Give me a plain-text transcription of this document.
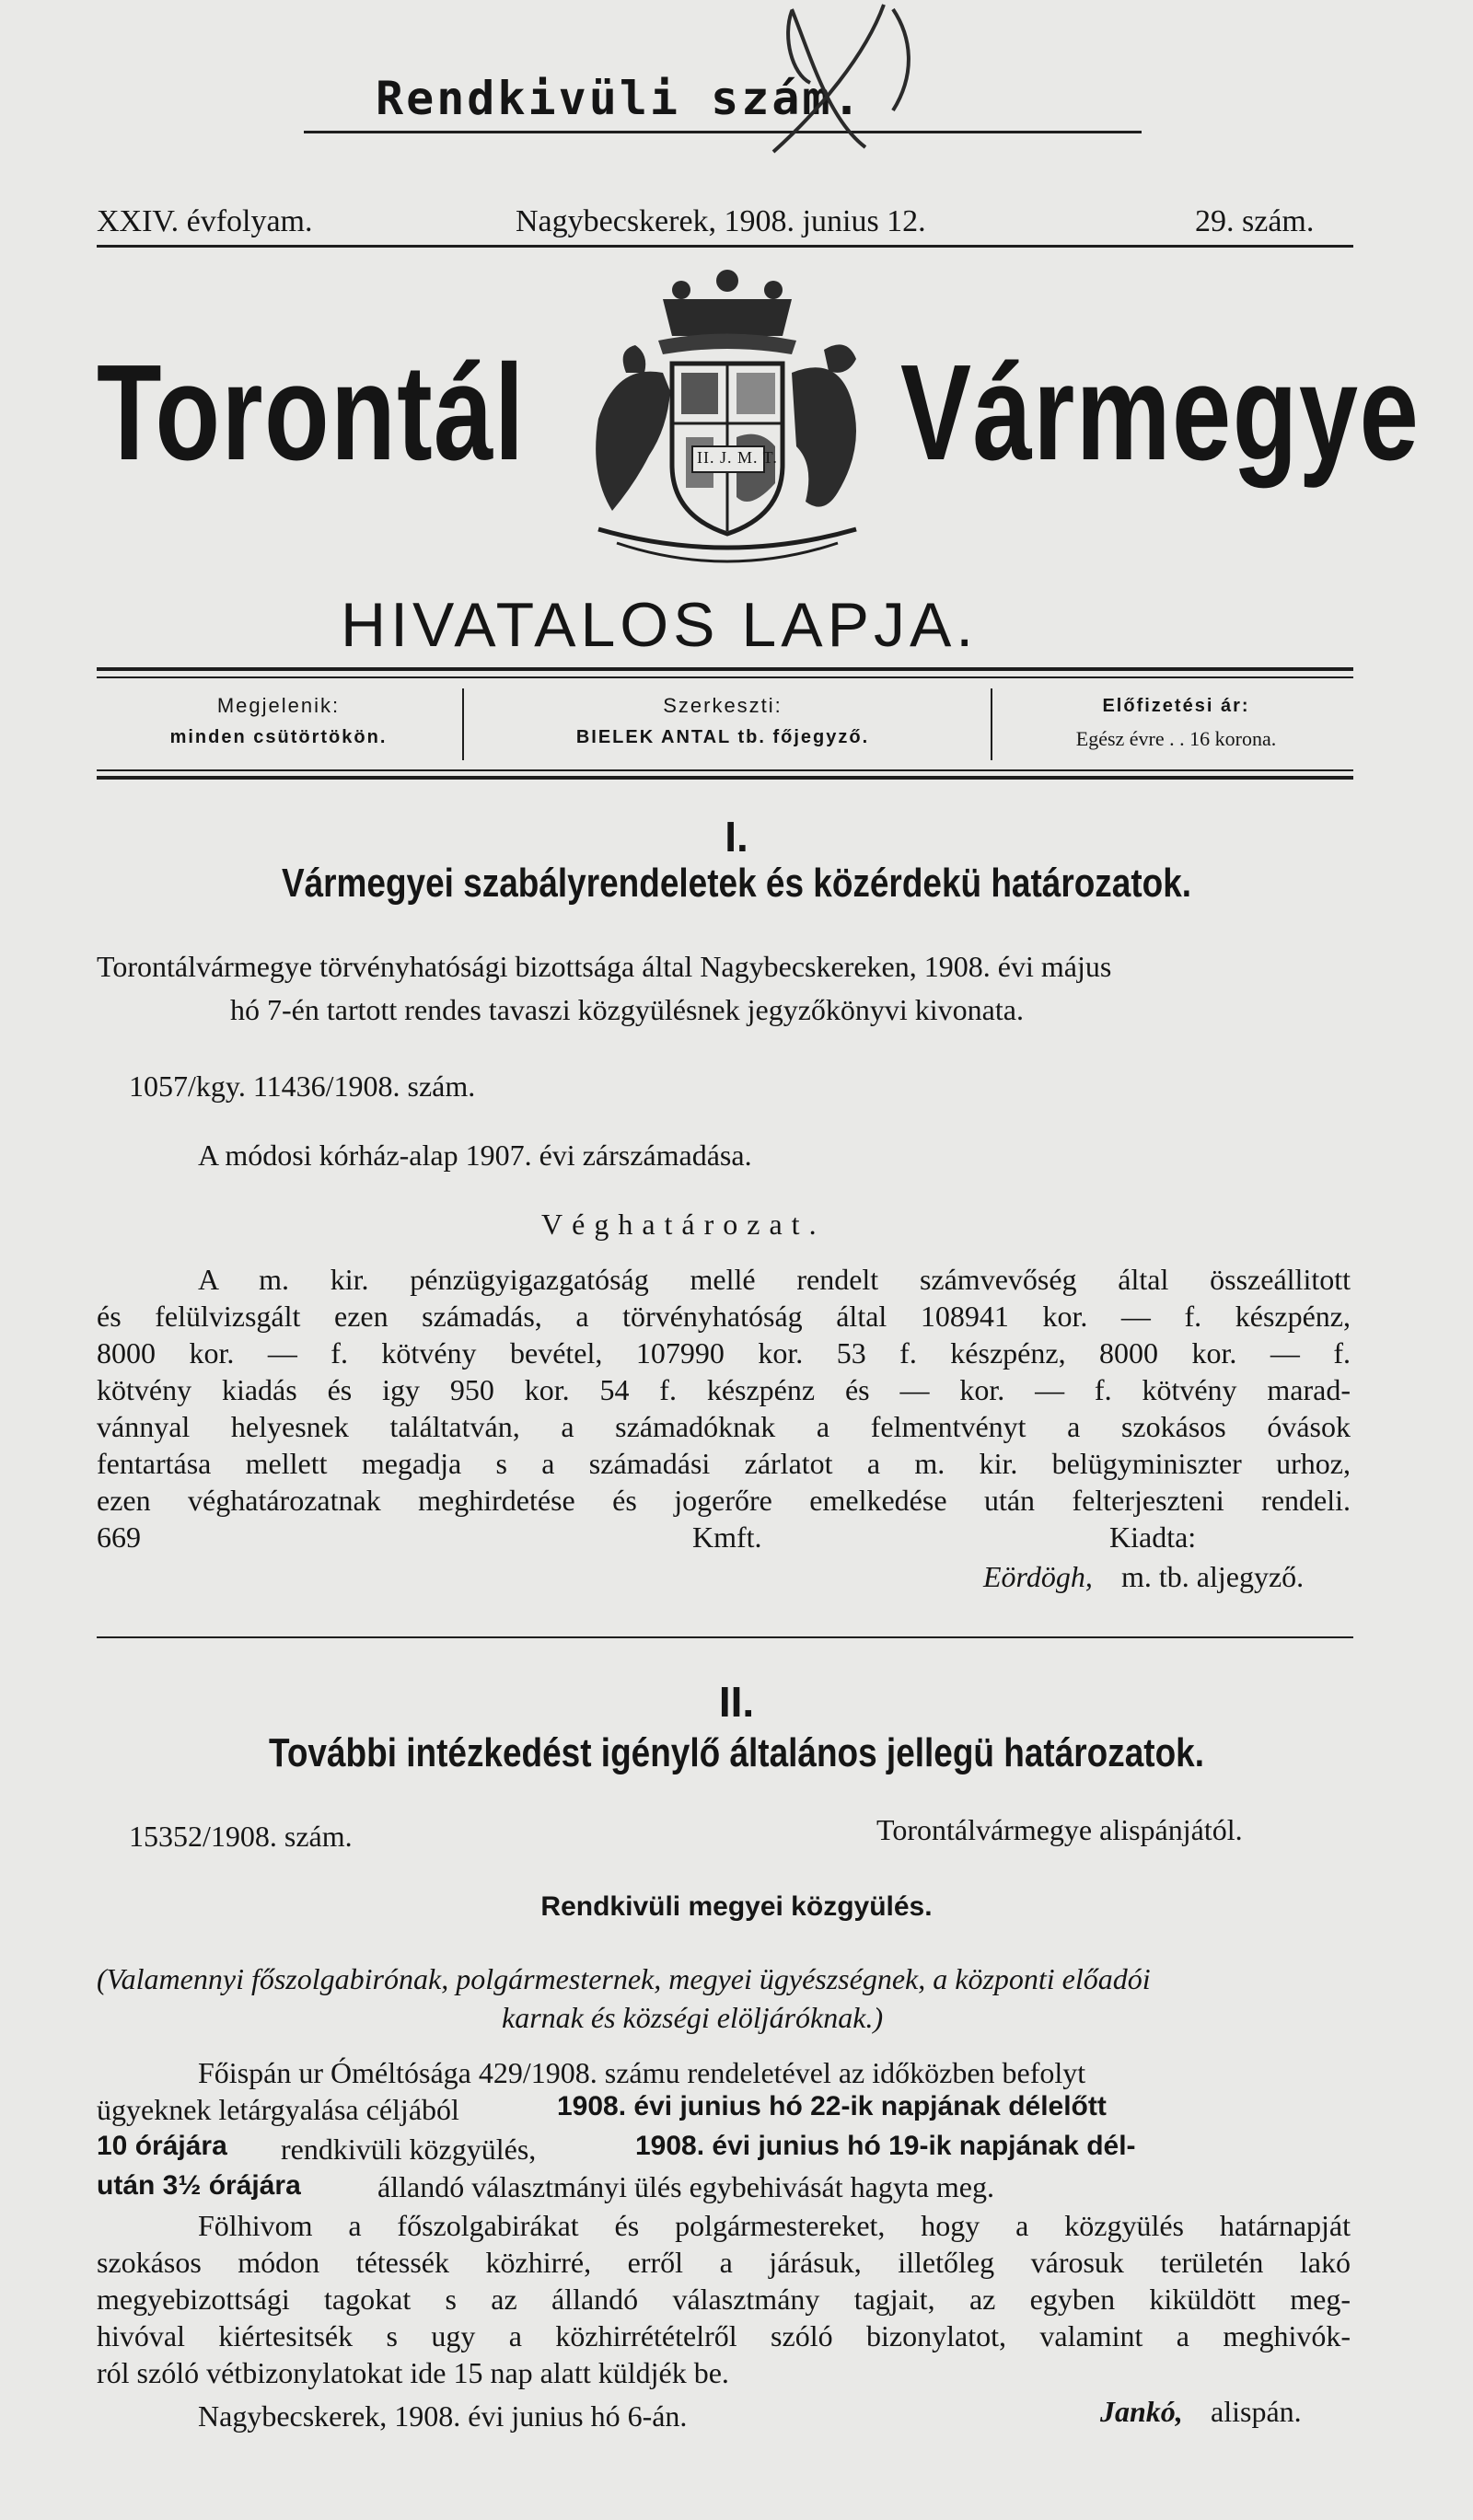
Rendkivüli szám.
XXIV. évfolyam.	Nagybecskerek, 1908. junius 12.	29. szám.
Torontál	Vármegye
II. J. M. T.
HIVATALOS LAPJA.
Megjelenik:
minden csütörtökön.
Szerkeszti:
BIELEK ANTAL tb. főjegyző.
Előfizetési ár:
Egész évre . . 16 korona.
I.
Vármegyei szabályrendeletek és közérdekü határozatok.
Torontálvármegye törvényhatósági bizottsága által Nagybecskereken, 1908. évi május
hó 7-én tartott rendes tavaszi közgyülésnek jegyzőkönyvi kivonata.
1057/kgy. 11436/1908. szám.
A módosi kórház-alap 1907. évi zárszámadása.
Véghatározat.
A m. kir. pénzügyigazgatóság mellé rendelt számvevőség által összeállitott
és felülvizsgált ezen számadás, a törvényhatóság által 108941 kor. — f. készpénz,
8000 kor. — f. kötvény bevétel, 107990 kor. 53 f. készpénz, 8000 kor. — f.
kötvény kiadás és igy 950 kor. 54 f. készpénz és — kor. — f. kötvény marad-
vánnyal helyesnek találtatván, a számadóknak a felmentvényt a szokásos óvások
fentartása mellett megadja s a számadási zárlatot a m. kir. belügyminiszter urhoz,
ezen véghatározatnak meghirdetése és jogerőre emelkedése után felterjeszteni rendeli.
669	Kmft.	Kiadta:
Eördögh, m. tb. aljegyző.
II.
További intézkedést igénylő általános jellegü határozatok.
15352/1908. szám.	Torontálvármegye alispánjától.
Rendkivüli megyei közgyülés.
(Valamennyi főszolgabirónak, polgármesternek, megyei ügyészségnek, a központi előadói
karnak és községi elöljáróknak.)
Főispán ur Óméltósága 429/1908. számu rendeletével az időközben befolyt
ügyeknek letárgyalása céljából	1908. évi junius hó 22-ik napjának délelőtt
10 órájára rendkivüli közgyülés,	1908. évi junius hó 19-ik napjának dél-
után 3½ órájára	állandó választmányi ülés egybehivását hagyta meg.
Fölhivom a főszolgabirákat és polgármestereket, hogy a közgyülés határnapját
szokásos módon tétessék közhirré, erről a járásuk, illetőleg városuk területén lakó
megyebizottsági tagokat s az állandó választmány tagjait, az egyben kiküldött meg-
hivóval kiértesitsék s ugy a közhirrétételről szóló bizonylatot, valamint a meghivók-
ról szóló vétbizonylatokat ide 15 nap alatt küldjék be.
Nagybecskerek, 1908. évi junius hó 6-án.	Jankó, alispán.
